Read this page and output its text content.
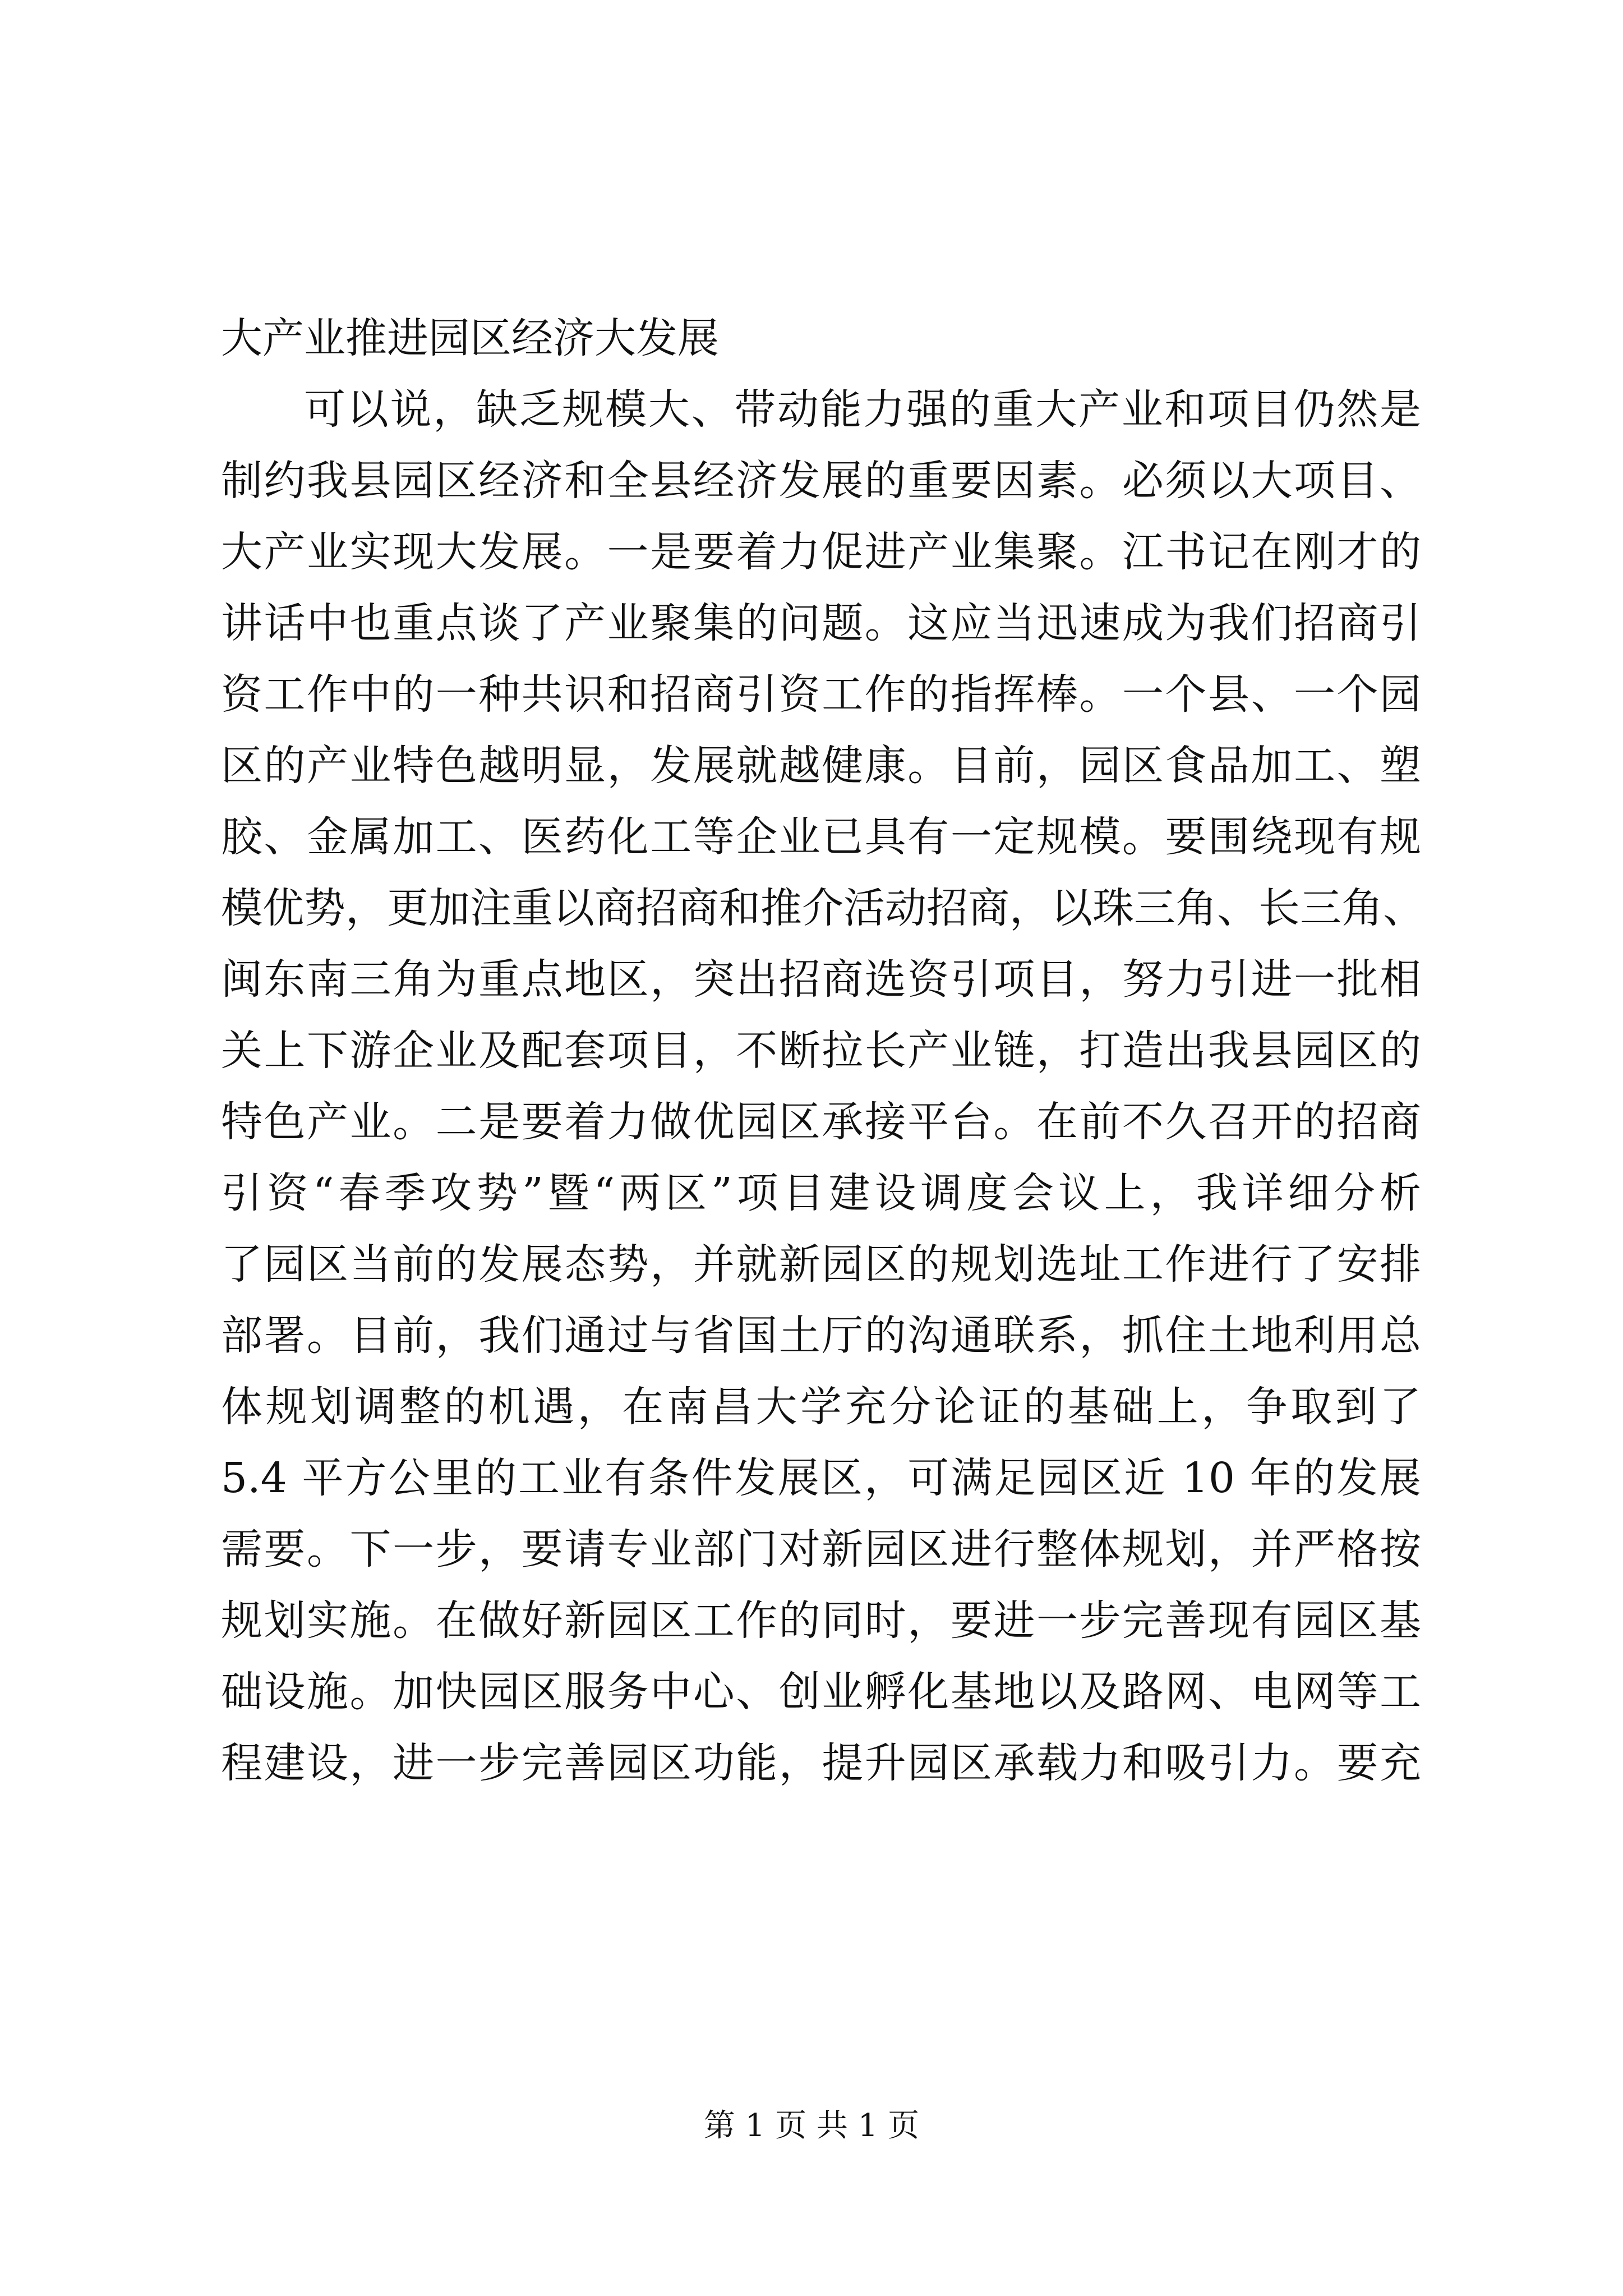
大产业推进园区经济大发展
可以说，缺乏规模大、带动能力强的重大产业和项目仍然是
制约我县园区经济和全县经济发展的重要因素。必须以大项目、
大产业实现大发展。一是要着力促进产业集聚。江书记在刚才的
讲话中也重点谈了产业聚集的问题。这应当迅速成为我们招商引
资工作中的一种共识和招商引资工作的指挥棒。一个县、一个园
区的产业特色越明显，发展就越健康。目前，园区食品加工、塑
胶、金属加工、医药化工等企业已具有一定规模。要围绕现有规
模优势，更加注重以商招商和推介活动招商，以珠三角、长三角、
闽东南三角为重点地区，突出招商选资引项目，努力引进一批相
关上下游企业及配套项目，不断拉长产业链，打造出我县园区的
特色产业。二是要着力做优园区承接平台。在前不久召开的招商
引资“春季攻势”暨“两区”项目建设调度会议上，我详细分析
了园区当前的发展态势，并就新园区的规划选址工作进行了安排
部署。目前，我们通过与省国土厅的沟通联系，抓住土地利用总
体规划调整的机遇，在南昌大学充分论证的基础上，争取到了
5.4 平方公里的工业有条件发展区，可满足园区近 10 年的发展
需要。下一步，要请专业部门对新园区进行整体规划，并严格按
规划实施。在做好新园区工作的同时，要进一步完善现有园区基
础设施。加快园区服务中心、创业孵化基地以及路网、电网等工
程建设，进一步完善园区功能，提升园区承载力和吸引力。要充
第 1 页 共 1 页
